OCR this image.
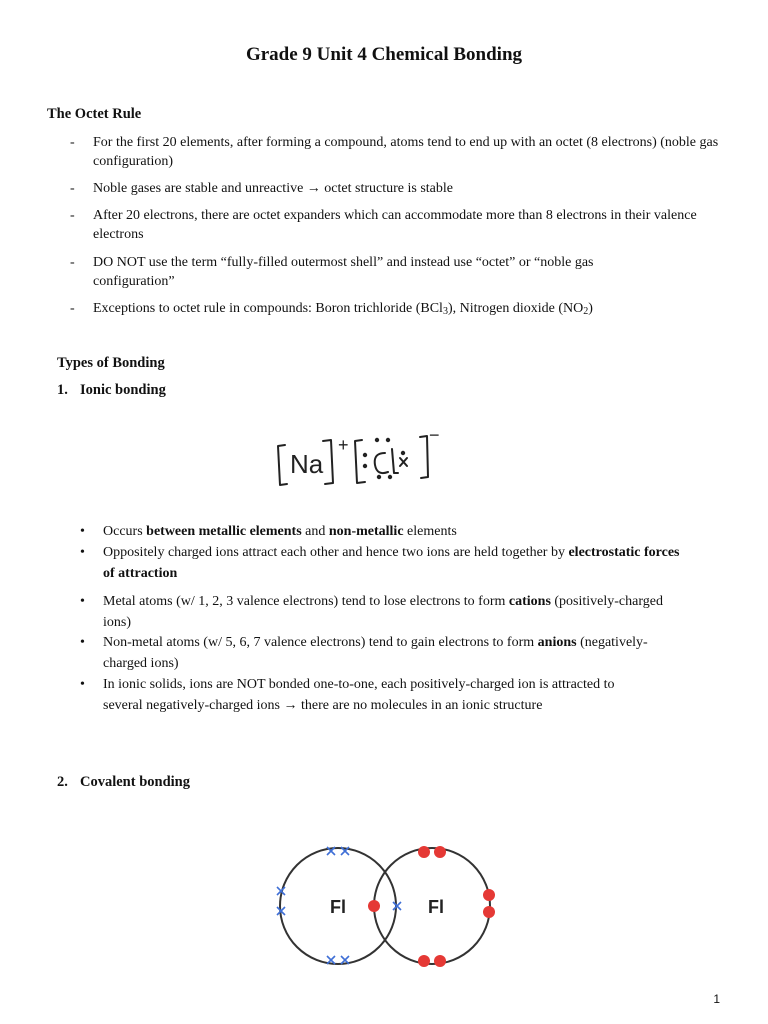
Grade 9 Unit 4 Chemical Bonding
The Octet Rule
- For the first 20 elements, after forming a compound, atoms tend to end up with an octet (8 electrons) (noble gas configuration)
- Noble gases are stable and unreactive → octet structure is stable
- After 20 electrons, there are octet expanders which can accommodate more than 8 electrons in their valence electrons
- DO NOT use the term “fully-filled outermost shell” and instead use “octet” or “noble gas configuration”
- Exceptions to octet rule in compounds: Boron trichloride (BCl$_3$), Nitrogen dioxide $(NO_2)$
Types of Bonding
1. Ionic bonding
Na
+	−
• Occurs between metallic elements and non-metallic elements
• Oppositely charged ions attract each other and hence two ions are held together by electrostatic forces of attraction
• Metal atoms (w/ 1, 2, 3 valence electrons) tend to lose electrons to form cations (positively-charged ions)
• Non-metal atoms (w/ 5, 6, 7 valence electrons) tend to gain electrons to form anions (negatively-charged ions)
• In ionic solids, ions are NOT bonded one-to-one, each positively-charged ion is attracted to several negatively-charged ions → there are no molecules in an ionic structure
2. Covalent bonding
Fl	Fl
1
